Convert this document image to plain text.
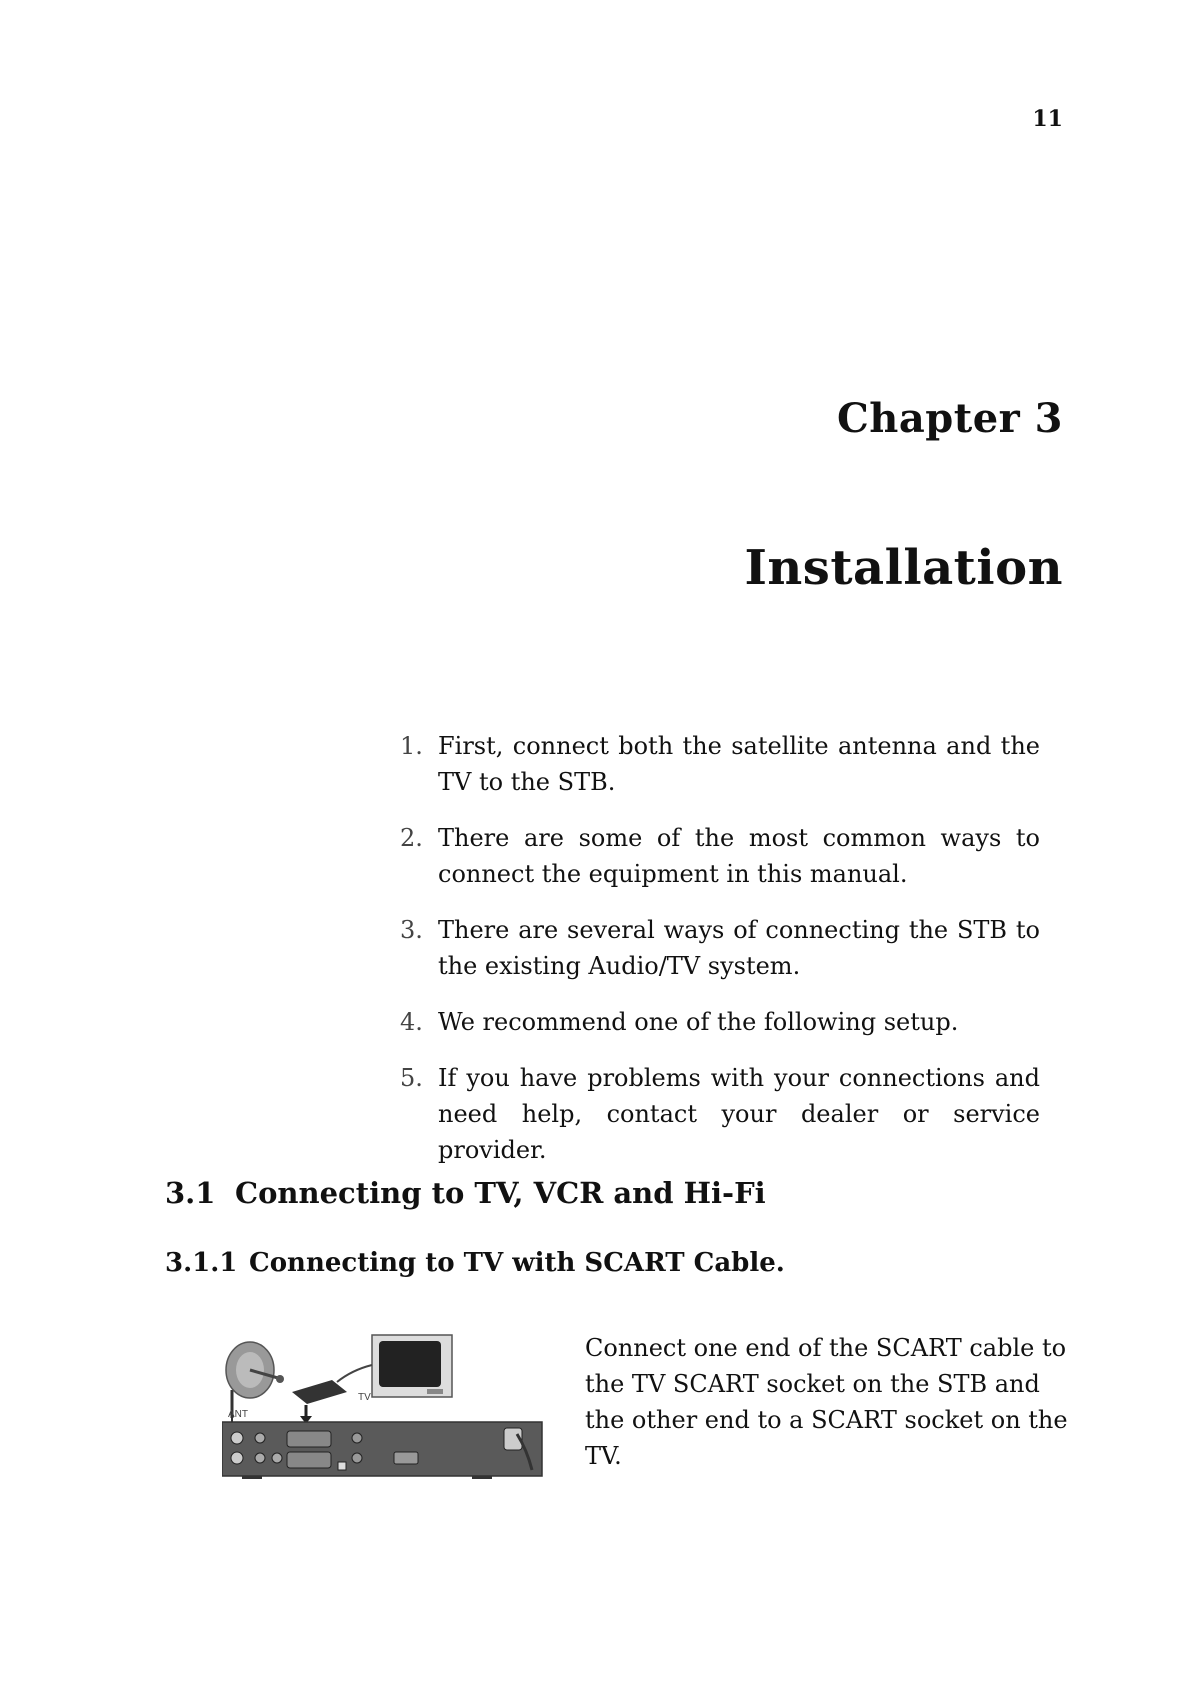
11
Chapter 3
Installation
1. First, connect both the satellite antenna and the TV to the STB.
2. There are some of the most common ways to connect the equipment in this manual.
3. There are several ways of connecting the STB to the existing Audio/TV system.
4. We recommend one of the following setup.
5. If you have problems with your connections and need help, contact your dealer or service provider.
3.1 Connecting to TV, VCR and Hi-Fi
3.1.1 Connecting to TV with SCART Cable.
ANT
TV
Connect one end of the SCART cable to the TV SCART socket on the STB and the other end to a SCART socket on the TV.
